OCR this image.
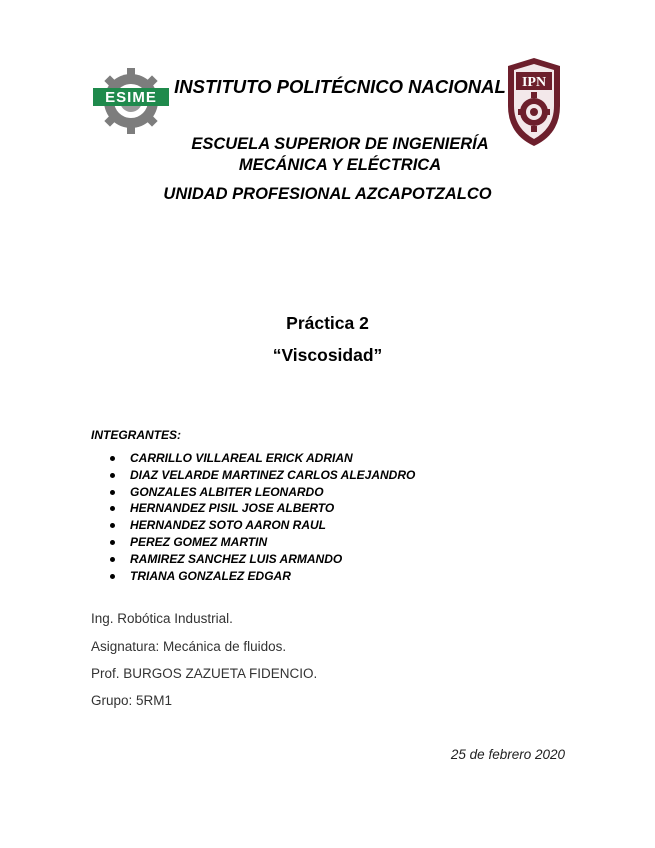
ESIME
IPN
INSTITUTO POLITÉCNICO NACIONAL
ESCUELA SUPERIOR DE INGENIERÍA MECÁNICA Y ELÉCTRICA
UNIDAD PROFESIONAL AZCAPOTZALCO
Práctica 2
“Viscosidad”
INTEGRANTES:
CARRILLO VILLAREAL ERICK ADRIAN
DIAZ VELARDE MARTINEZ CARLOS ALEJANDRO
GONZALES ALBITER LEONARDO
HERNANDEZ PISIL JOSE ALBERTO
HERNANDEZ SOTO AARON RAUL
PEREZ GOMEZ MARTIN
RAMIREZ SANCHEZ LUIS ARMANDO
TRIANA GONZALEZ EDGAR
Ing. Robótica Industrial.
Asignatura: Mecánica de fluidos.
Prof. BURGOS ZAZUETA FIDENCIO.
Grupo: 5RM1
25 de febrero 2020
